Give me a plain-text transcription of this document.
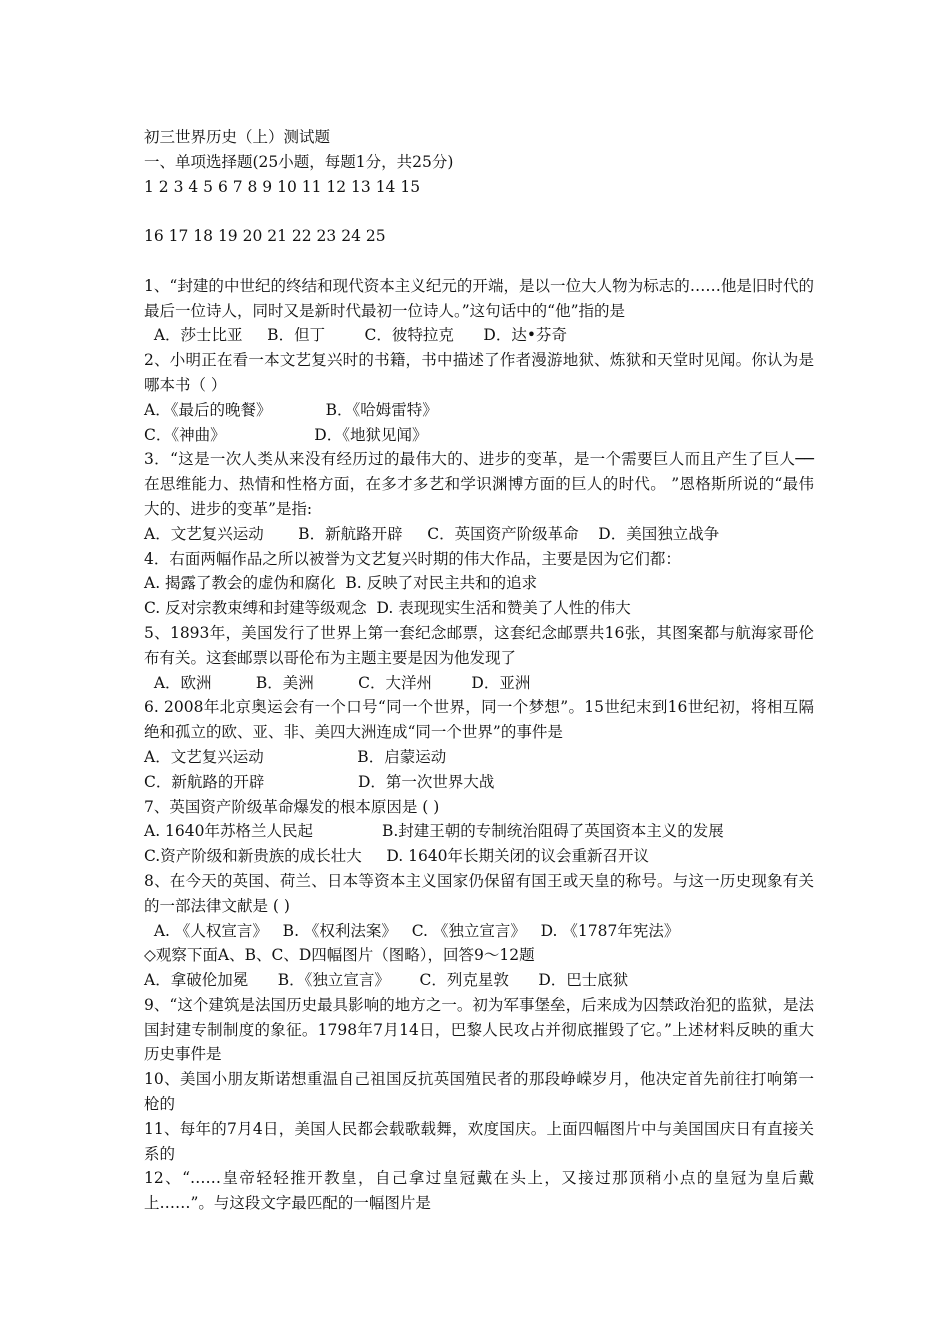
初三世界历史（上）测试题
一、单项选择题(25小题，每题1分，共25分)
1 2 3 4 5 6 7 8 9 10 11 12 13 14 15
16 17 18 19 20 21 22 23 24 25
1、“封建的中世纪的终结和现代资本主义纪元的开端，是以一位大人物为标志的……他是旧时代的最后一位诗人，同时又是新时代最初一位诗人。”这句话中的“他”指的是
A．莎士比亚     B．但丁        C．彼特拉克      D．达•芬奇
2、小明正在看一本文艺复兴时的书籍，书中描述了作者漫游地狱、炼狱和天堂时见闻。你认为是哪本书（ ）
A．《最后的晚餐》           B．《哈姆雷特》
C．《神曲》                  D．《地狱见闻》
3．“这是一次人类从来没有经历过的最伟大的、进步的变革，是一个需要巨人而且产生了巨人──在思维能力、热情和性格方面，在多才多艺和学识渊博方面的巨人的时代。 ”恩格斯所说的“最伟大的、进步的变革”是指:
A．文艺复兴运动       B．新航路开辟     C．英国资产阶级革命    D．美国独立战争
4．右面两幅作品之所以被誉为文艺复兴时期的伟大作品，主要是因为它们都：
A. 揭露了教会的虚伪和腐化  B. 反映了对民主共和的追求
C. 反对宗教束缚和封建等级观念  D. 表现现实生活和赞美了人性的伟大
5、1893年，美国发行了世界上第一套纪念邮票，这套纪念邮票共16张，其图案都与航海家哥伦布有关。这套邮票以哥伦布为主题主要是因为他发现了
A．欧洲         B．美洲         C．大洋州        D．亚洲
6. 2008年北京奥运会有一个口号“同一个世界，同一个梦想”。15世纪末到16世纪初，将相互隔绝和孤立的欧、亚、非、美四大洲连成“同一个世界”的事件是
A．文艺复兴运动                   B．启蒙运动
C．新航路的开辟                   D．第一次世界大战
7、英国资产阶级革命爆发的根本原因是 ( )
A. 1640年苏格兰人民起              B.封建王朝的专制统治阻碍了英国资本主义的发展
C.资产阶级和新贵族的成长壮大     D. 1640年长期关闭的议会重新召开议
8、在今天的英国、荷兰、日本等资本主义国家仍保留有国王或天皇的称号。与这一历史现象有关的一部法律文献是 ( )
A. 《人权宣言》   B. 《权利法案》   C. 《独立宣言》   D. 《1787年宪法》
◇观察下面A、B、C、D四幅图片（图略），回答9～12题
A．拿破伦加冕      B．《独立宣言》      C．列克星敦      D．巴士底狱
9、“这个建筑是法国历史最具影响的地方之一。初为军事堡垒，后来成为囚禁政治犯的监狱，是法国封建专制制度的象征。1798年7月14日，巴黎人民攻占并彻底摧毁了它。”上述材料反映的重大历史事件是
10、美国小朋友斯诺想重温自己祖国反抗英国殖民者的那段峥嵘岁月，他决定首先前往打响第一枪的
11、每年的7月4日，美国人民都会载歌载舞，欢度国庆。上面四幅图片中与美国国庆日有直接关系的
12、“……皇帝轻轻推开教皇，自己拿过皇冠戴在头上，又接过那顶稍小点的皇冠为皇后戴上……”。与这段文字最匹配的一幅图片是
